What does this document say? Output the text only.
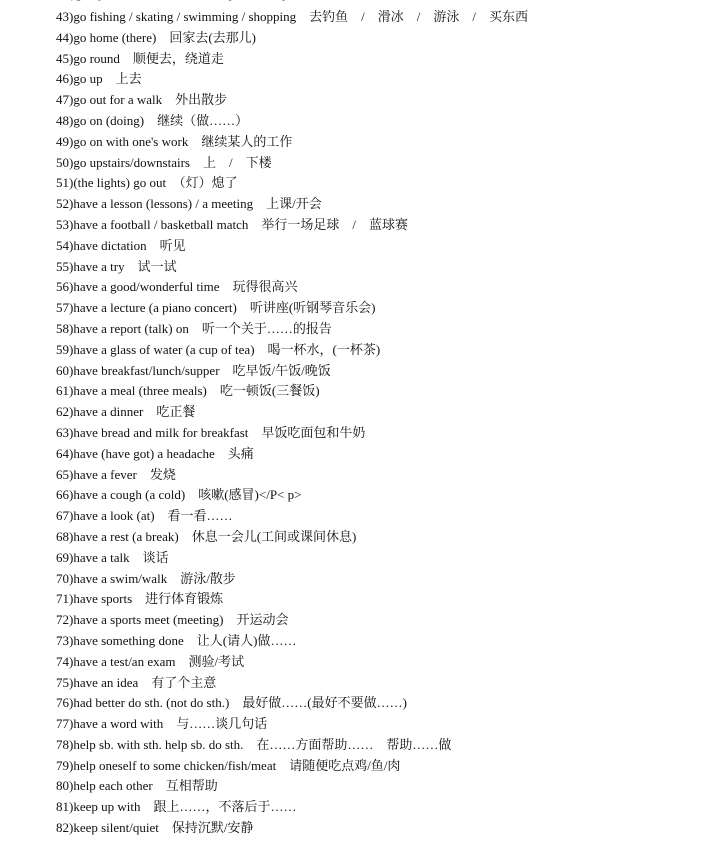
43)go fishing / skating / swimming / shopping　去钓鱼　/　滑冰　/　游泳　/　买东西
44)go home (there)　回家去(去那儿)
45)go round　顺便去，绕道走
46)go up　上去
47)go out for a walk　外出散步
48)go on (doing)　继续（做……）
49)go on with one's work　继续某人的工作
50)go upstairs/downstairs　上　/　下楼
51)(the lights) go out　（灯）熄了
52)have a lesson (lessons) / a meeting　上课/开会
53)have a football / basketball match　举行一场足球　/　蓝球赛
54)have dictation　听见
55)have a try　试一试
56)have a good/wonderful time　玩得很高兴
57)have a lecture (a piano concert)　听讲座(听钢琴音乐会)
58)have a report (talk) on　听一个关于……的报告
59)have a glass of water (a cup of tea)　喝一杯水，(一杯茶)
60)have breakfast/lunch/supper　吃早饭/午饭/晚饭
61)have a meal (three meals)　吃一顿饭(三餐饭)
62)have a dinner　吃正餐
63)have bread and milk for breakfast　早饭吃面包和牛奶
64)have (have got) a headache　头痛
65)have a fever　发烧
66)have a cough (a cold)　咳嗽(感冒)</P< p>
67)have a look (at)　看一看……
68)have a rest (a break)　休息一会儿(工间或课间休息)
69)have a talk　谈话
70)have a swim/walk　游泳/散步
71)have sports　进行体育锻炼
72)have a sports meet (meeting)　开运动会
73)have something done　让人(请人)做……
74)have a test/an exam　测验/考试
75)have an idea　有了个主意
76)had better do sth. (not do sth.)　最好做……(最好不要做……)
77)have a word with　与……谈几句话
78)help sb. with sth. help sb. do sth.　在……方面帮助……　帮助……做
79)help oneself to some chicken/fish/meat　请随便吃点鸡/鱼/肉
80)help each other　互相帮助
81)keep up with　跟上……，不落后于……
82)keep silent/quiet　保持沉默/安静
